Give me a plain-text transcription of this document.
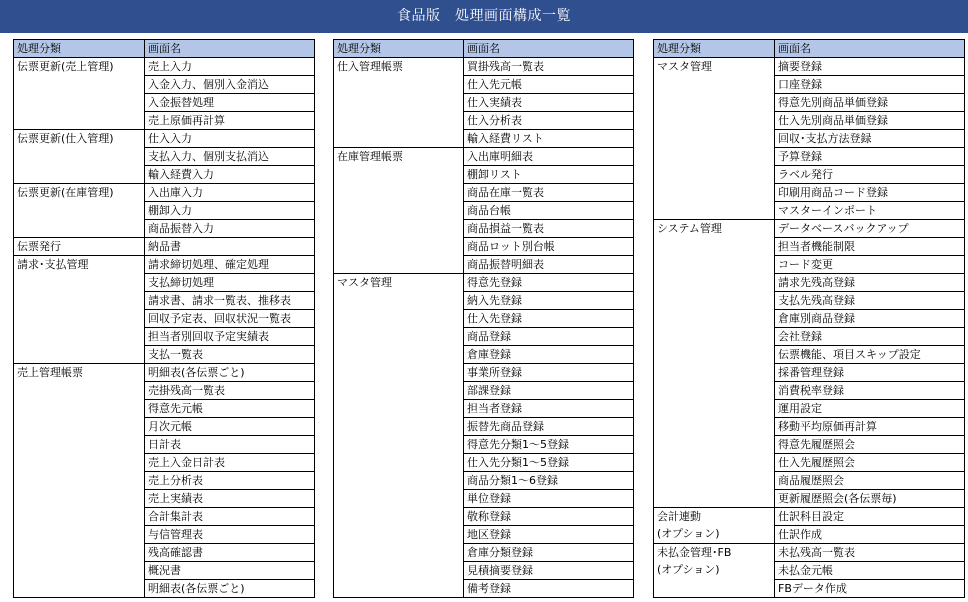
食品版　処理画面構成一覧
処理分類	画面名
伝票更新(売上管理)	売上入力
	入金入力、個別入金消込
	入金振替処理
	売上原価再計算
伝票更新(仕入管理)	仕入入力
	支払入力、個別支払消込
	輸入経費入力
伝票更新(在庫管理)	入出庫入力
	棚卸入力
	商品振替入力
伝票発行	納品書
請求･支払管理	請求締切処理、確定処理
	支払締切処理
	請求書、請求一覧表、推移表
	回収予定表、回収状況一覧表
	担当者別回収予定実績表
	支払一覧表
売上管理帳票	明細表(各伝票ごと)
	売掛残高一覧表
	得意先元帳
	月次元帳
	日計表
	売上入金日計表
	売上分析表
	売上実績表
	合計集計表
	与信管理表
	残高確認書
	概況書
	明細表(各伝票ごと)
処理分類	画面名
仕入管理帳票	買掛残高一覧表
	仕入先元帳
	仕入実績表
	仕入分析表
	輸入経費リスト
在庫管理帳票	入出庫明細表
	棚卸リスト
	商品在庫一覧表
	商品台帳
	商品損益一覧表
	商品ロット別台帳
	商品振替明細表
マスタ管理	得意先登録
	納入先登録
	仕入先登録
	商品登録
	倉庫登録
	事業所登録
	部課登録
	担当者登録
	振替先商品登録
	得意先分類1～5登録
	仕入先分類1～5登録
	商品分類1～6登録
	単位登録
	敬称登録
	地区登録
	倉庫分類登録
	見積摘要登録
	備考登録
処理分類	画面名
マスタ管理	摘要登録
	口座登録
	得意先別商品単価登録
	仕入先別商品単価登録
	回収･支払方法登録
	予算登録
	ラベル発行
	印刷用商品コード登録
	マスターインポート
システム管理	データベースバックアップ
	担当者機能制限
	コード変更
	請求先残高登録
	支払先残高登録
	倉庫別商品登録
	会社登録
	伝票機能、項目スキップ設定
	採番管理登録
	消費税率登録
	運用設定
	移動平均原価再計算
	得意先履歴照会
	仕入先履歴照会
	商品履歴照会
	更新履歴照会(各伝票毎)
会計連動
(オプション)	仕訳科目設定
	仕訳作成
未払金管理･FB
(オプション)	未払残高一覧表
	未払金元帳
	FBデータ作成
